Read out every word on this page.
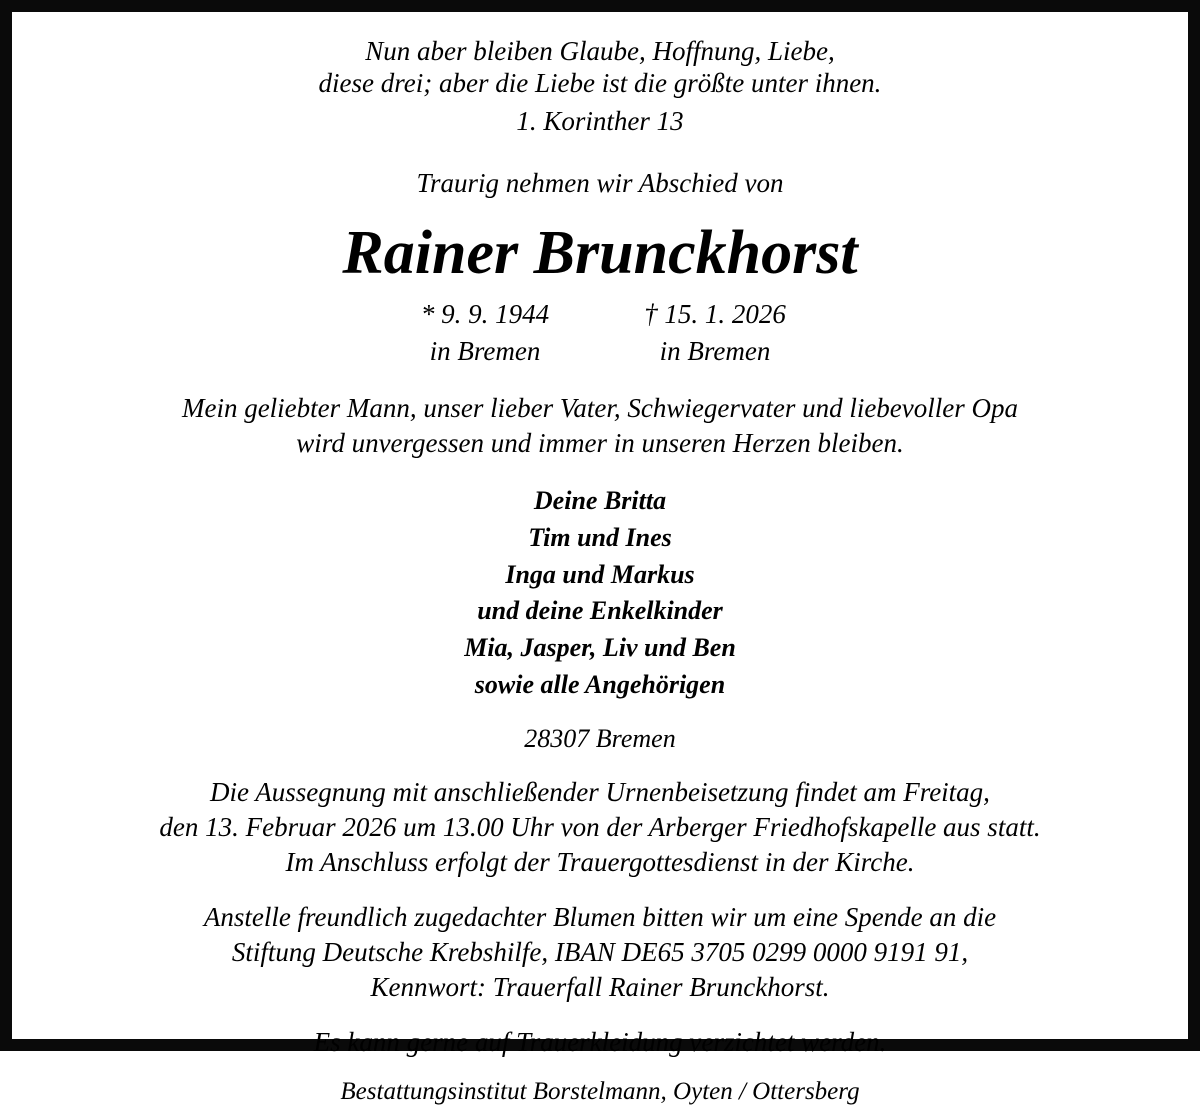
Nun aber bleiben Glaube, Hoffnung, Liebe,
diese drei; aber die Liebe ist die größte unter ihnen.
1. Korinther 13
Traurig nehmen wir Abschied von
Rainer Brunckhorst
* 9. 9. 1944
in Bremen
† 15. 1. 2026
in Bremen
Mein geliebter Mann, unser lieber Vater, Schwiegervater und liebevoller Opa
wird unvergessen und immer in unseren Herzen bleiben.
Deine Britta
Tim und Ines
Inga und Markus
und deine Enkelkinder
Mia, Jasper, Liv und Ben
sowie alle Angehörigen
28307 Bremen
Die Aussegnung mit anschließender Urnenbeisetzung findet am Freitag,
den 13. Februar 2026 um 13.00 Uhr von der Arberger Friedhofskapelle aus statt.
Im Anschluss erfolgt der Trauergottesdienst in der Kirche.
Anstelle freundlich zugedachter Blumen bitten wir um eine Spende an die
Stiftung Deutsche Krebshilfe, IBAN DE65 3705 0299 0000 9191 91,
Kennwort: Trauerfall Rainer Brunckhorst.
Es kann gerne auf Trauerkleidung verzichtet werden.
Bestattungsinstitut Borstelmann, Oyten / Ottersberg
